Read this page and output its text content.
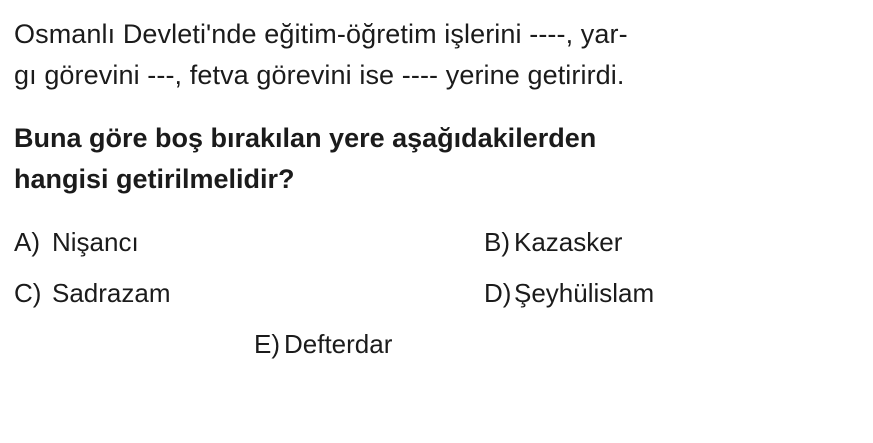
Osmanlı Devleti'nde eğitim-öğretim işlerini ----, yar-
gı görevini ---, fetva görevini ise ---- yerine getirirdi.
Buna göre boş bırakılan yere aşağıdakilerden
hangisi getirilmelidir?
A) Nişancı	B) Kazasker
C) Sadrazam	D) Şeyhülislam
E) Defterdar
